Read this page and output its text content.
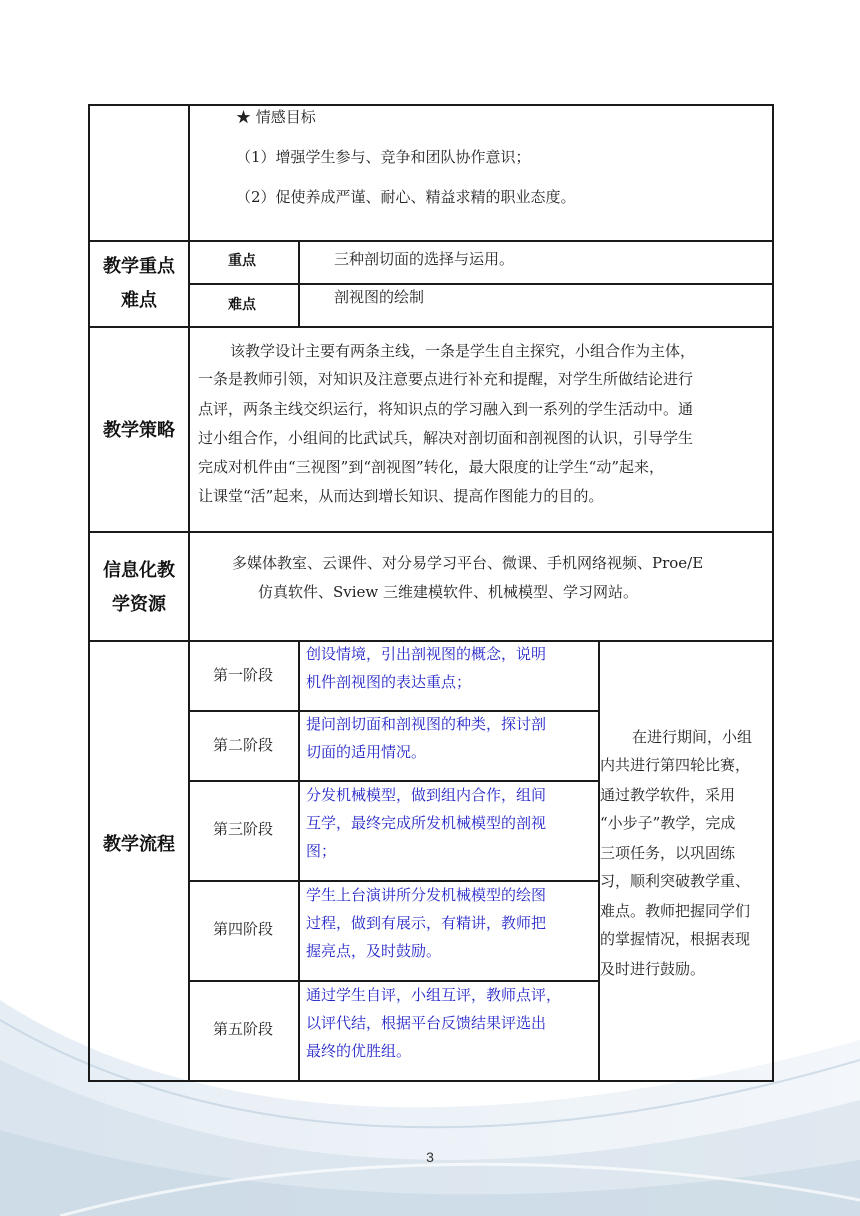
★ 情感目标
（1）增强学生参与、竞争和团队协作意识；
（2）促使养成严谨、耐心、精益求精的职业态度。
教学重点
难点
重点	三种剖切面的选择与运用。
难点	剖视图的绘制
教学策略
该教学设计主要有两条主线，一条是学生自主探究，小组合作为主体，
一条是教师引领，对知识及注意要点进行补充和提醒，对学生所做结论进行
点评，两条主线交织运行，将知识点的学习融入到一系列的学生活动中。通
过小组合作，小组间的比武试兵，解决对剖切面和剖视图的认识，引导学生
完成对机件由“三视图”到“剖视图”转化，最大限度的让学生“动”起来，
让课堂“活”起来，从而达到增长知识、提高作图能力的目的。
信息化教
学资源
多媒体教室、云课件、对分易学习平台、微课、手机网络视频、Proe/E
仿真软件、Sview 三维建模软件、机械模型、学习网站。
教学流程
第一阶段
创设情境，引出剖视图的概念，说明
机件剖视图的表达重点；
第二阶段
提问剖切面和剖视图的种类，探讨剖
切面的适用情况。
第三阶段
分发机械模型，做到组内合作，组间
互学，最终完成所发机械模型的剖视
图；
第四阶段
学生上台演讲所分发机械模型的绘图
过程，做到有展示，有精讲，教师把
握亮点，及时鼓励。
第五阶段
通过学生自评，小组互评，教师点评，
以评代结，根据平台反馈结果评选出
最终的优胜组。
在进行期间，小组
内共进行第四轮比赛，
通过教学软件，采用
“小步子”教学，完成
三项任务，以巩固练
习，顺利突破教学重、
难点。教师把握同学们
的掌握情况，根据表现
及时进行鼓励。
3
